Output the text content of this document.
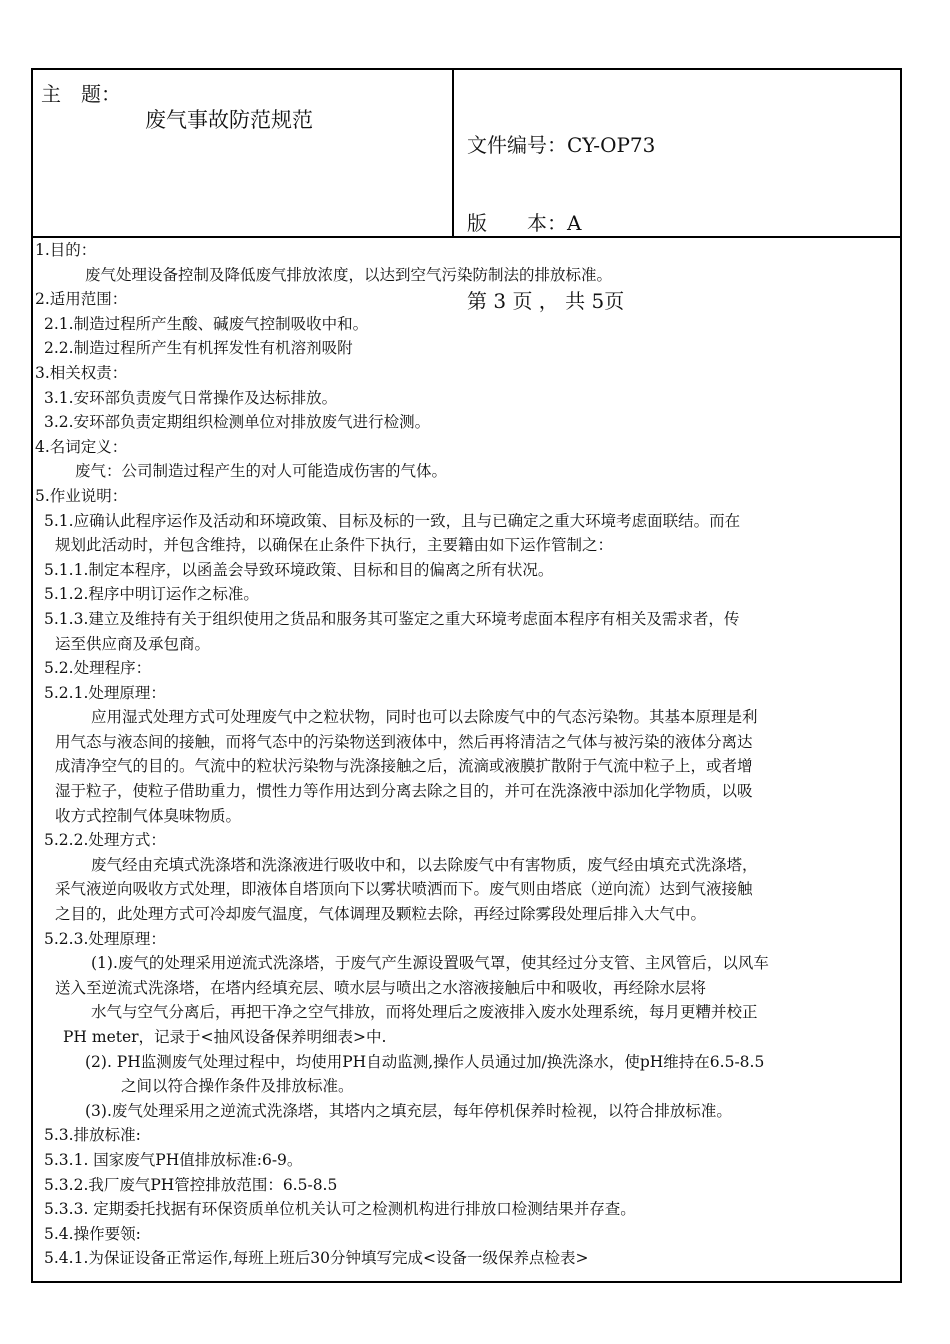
主　题：
废气事故防范规范

文件编号：CY-OP73

版　　本：A

第 3 页 ， 共 5页

1.目的：
废气处理设备控制及降低废气排放浓度，以达到空气污染防制法的排放标准。
2.适用范围：
2.1.制造过程所产生酸、碱废气控制吸收中和。
2.2.制造过程所产生有机挥发性有机溶剂吸附
3.相关权责：
3.1.安环部负责废气日常操作及达标排放。
3.2.安环部负责定期组织检测单位对排放废气进行检测。
4.名词定义：
废气：公司制造过程产生的对人可能造成伤害的气体。
5.作业说明：
5.1.应确认此程序运作及活动和环境政策、目标及标的一致，且与已确定之重大环境考虑面联结。而在
规划此活动时，并包含维持，以确保在止条件下执行，主要籍由如下运作管制之：
5.1.1.制定本程序，以函盖会导致环境政策、目标和目的偏离之所有状况。
5.1.2.程序中明订运作之标准。
5.1.3.建立及维持有关于组织使用之货品和服务其可鉴定之重大环境考虑面本程序有相关及需求者，传
运至供应商及承包商。
5.2.处理程序：
5.2.1.处理原理：
应用湿式处理方式可处理废气中之粒状物，同时也可以去除废气中的气态污染物。其基本原理是利
用气态与液态间的接触，而将气态中的污染物送到液体中，然后再将清洁之气体与被污染的液体分离达
成清净空气的目的。气流中的粒状污染物与洗涤接触之后，流滴或液膜扩散附于气流中粒子上，或者增
湿于粒子，使粒子借助重力，惯性力等作用达到分离去除之目的，并可在洗涤液中添加化学物质，以吸
收方式控制气体臭味物质。
5.2.2.处理方式：
废气经由充填式洗涤塔和洗涤液进行吸收中和，以去除废气中有害物质，废气经由填充式洗涤塔，
采气液逆向吸收方式处理，即液体自塔顶向下以雾状喷洒而下。废气则由塔底（逆向流）达到气液接触
之目的，此处理方式可冷却废气温度，气体调理及颗粒去除，再经过除雾段处理后排入大气中。
5.2.3.处理原理：
(1).废气的处理采用逆流式洗涤塔，于废气产生源设置吸气罩，使其经过分支管、主风管后，以风车
送入至逆流式洗涤塔，在塔内经填充层、喷水层与喷出之水溶液接触后中和吸收，再经除水层将
水气与空气分离后，再把干净之空气排放，而将处理后之废液排入废水处理系统，每月更糟并校正
PH meter，记录于<抽风设备保养明细表>中.
(2). PH监测废气处理过程中，均使用PH自动监测,操作人员通过加/换洗涤水，使pH维持在6.5-8.5
之间以符合操作条件及排放标准。
(3).废气处理采用之逆流式洗涤塔，其塔内之填充层，每年停机保养时检视，以符合排放标准。
5.3.排放标准:
5.3.1. 国家废气PH值排放标准:6-9。
5.3.2.我厂废气PH管控排放范围：6.5-8.5
5.3.3. 定期委托找据有环保资质单位机关认可之检测机构进行排放口检测结果并存查。
5.4.操作要领:
5.4.1.为保证设备正常运作,每班上班后30分钟填写完成<设备一级保养点检表>
